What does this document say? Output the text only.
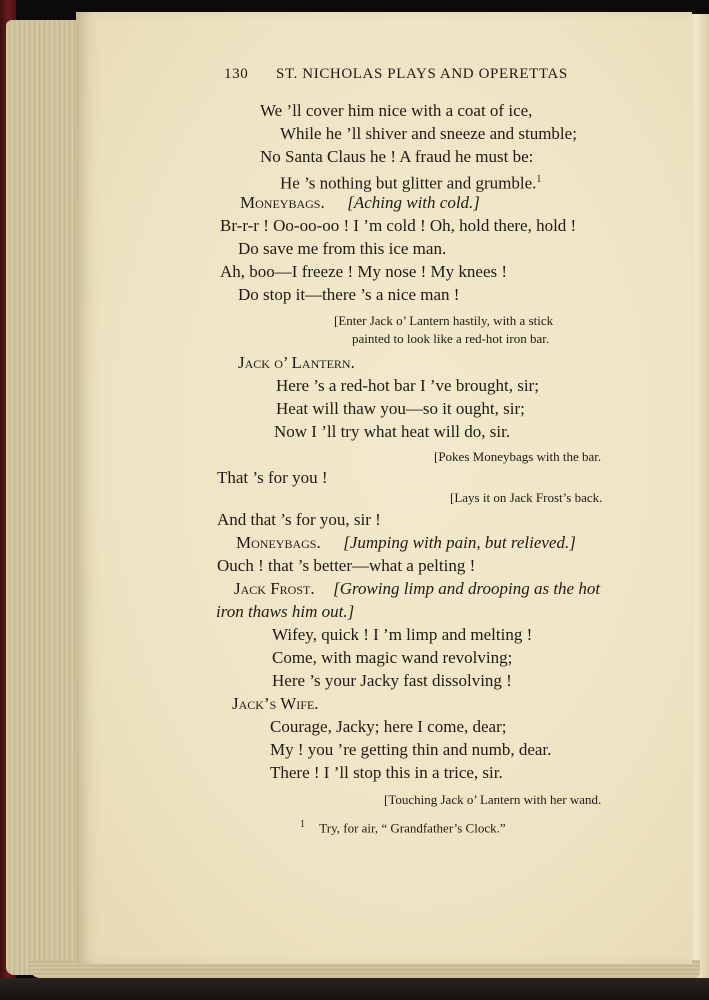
130 ST. NICHOLAS PLAYS AND OPERETTAS
We ’ll cover him nice with a coat of ice,
While he ’ll shiver and sneeze and stumble;
No Santa Claus he ! A fraud he must be:
He ’s nothing but glitter and grumble.$^1$
Moneybags. [Aching with cold.]
Br-r-r ! Oo-oo-oo ! I ’m cold ! Oh, hold there, hold !
Do save me from this ice man.
Ah, boo—I freeze ! My nose ! My knees !
Do stop it—there ’s a nice man !
[Enter Jack o’ Lantern hastily, with a stick
painted to look like a red-hot iron bar.
Jack o’ Lantern.
Here ’s a red-hot bar I ’ve brought, sir;
Heat will thaw you—so it ought, sir;
Now I ’ll try what heat will do, sir.
[Pokes Moneybags with the bar.
That ’s for you !
[Lays it on Jack Frost’s back.
And that ’s for you, sir !
Moneybags. [Jumping with pain, but relieved.]
Ouch ! that ’s better—what a pelting !
Jack Frost. [Growing limp and drooping as the hot
iron thaws him out.]
Wifey, quick ! I ’m limp and melting !
Come, with magic wand revolving;
Here ’s your Jacky fast dissolving !
Jack’s Wife.
Courage, Jacky; here I come, dear;
My ! you ’re getting thin and numb, dear.
There ! I ’ll stop this in a trice, sir.
[Touching Jack o’ Lantern with her wand.
$^1$ Try, for air, “ Grandfather’s Clock.”
